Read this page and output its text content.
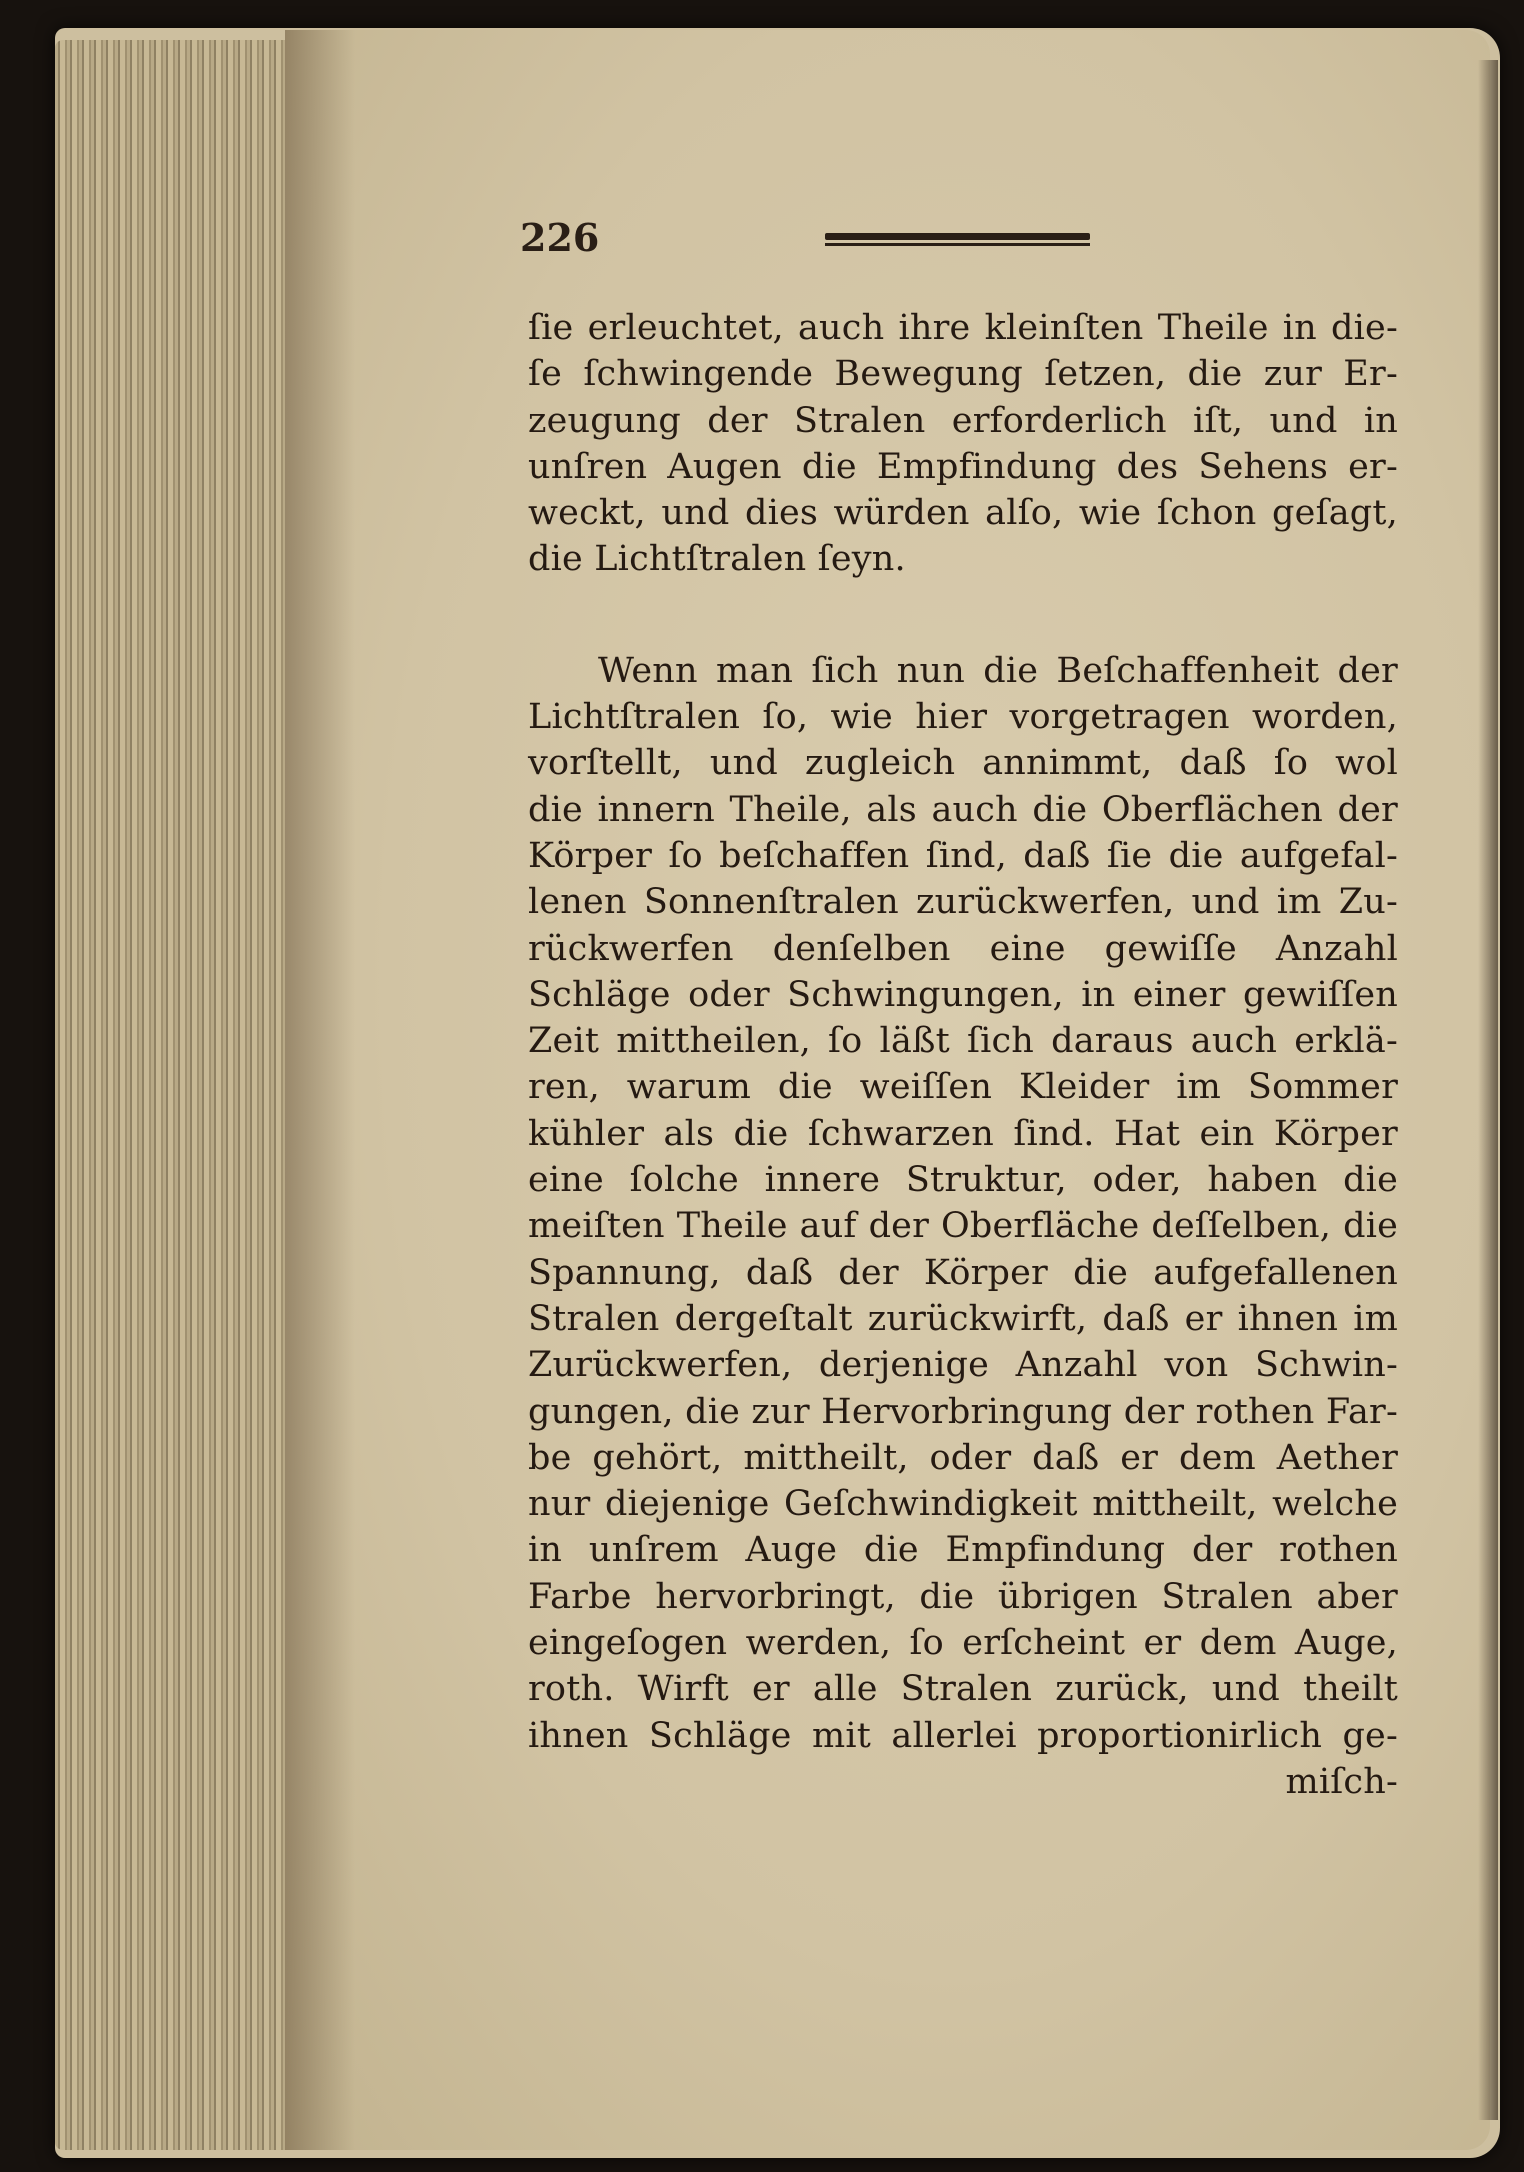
226
ſie erleuchtet, auch ihre kleinſten Theile in die-
ſe ſchwingende Bewegung ſetzen, die zur Er-
zeugung der Stralen erforderlich iſt, und in
unſren Augen die Empfindung des Sehens er-
weckt, und dies würden alſo, wie ſchon geſagt,
die Lichtſtralen ſeyn.
Wenn man ſich nun die Beſchaffenheit der
Lichtſtralen ſo, wie hier vorgetragen worden,
vorſtellt, und zugleich annimmt, daß ſo wol
die innern Theile, als auch die Oberflächen der
Körper ſo beſchaffen ſind, daß ſie die aufgefal-
lenen Sonnenſtralen zurückwerfen, und im Zu-
rückwerfen denſelben eine gewiſſe Anzahl
Schläge oder Schwingungen, in einer gewiſſen
Zeit mittheilen, ſo läßt ſich daraus auch erklä-
ren, warum die weiſſen Kleider im Sommer
kühler als die ſchwarzen ſind. Hat ein Körper
eine ſolche innere Struktur, oder, haben die
meiſten Theile auf der Oberfläche deſſelben, die
Spannung, daß der Körper die aufgefallenen
Stralen dergeſtalt zurückwirft, daß er ihnen im
Zurückwerfen, derjenige Anzahl von Schwin-
gungen, die zur Hervorbringung der rothen Far-
be gehört, mittheilt, oder daß er dem Aether
nur diejenige Geſchwindigkeit mittheilt, welche
in unſrem Auge die Empfindung der rothen
Farbe hervorbringt, die übrigen Stralen aber
eingeſogen werden, ſo erſcheint er dem Auge,
roth. Wirft er alle Stralen zurück, und theilt
ihnen Schläge mit allerlei proportionirlich ge-
miſch-
